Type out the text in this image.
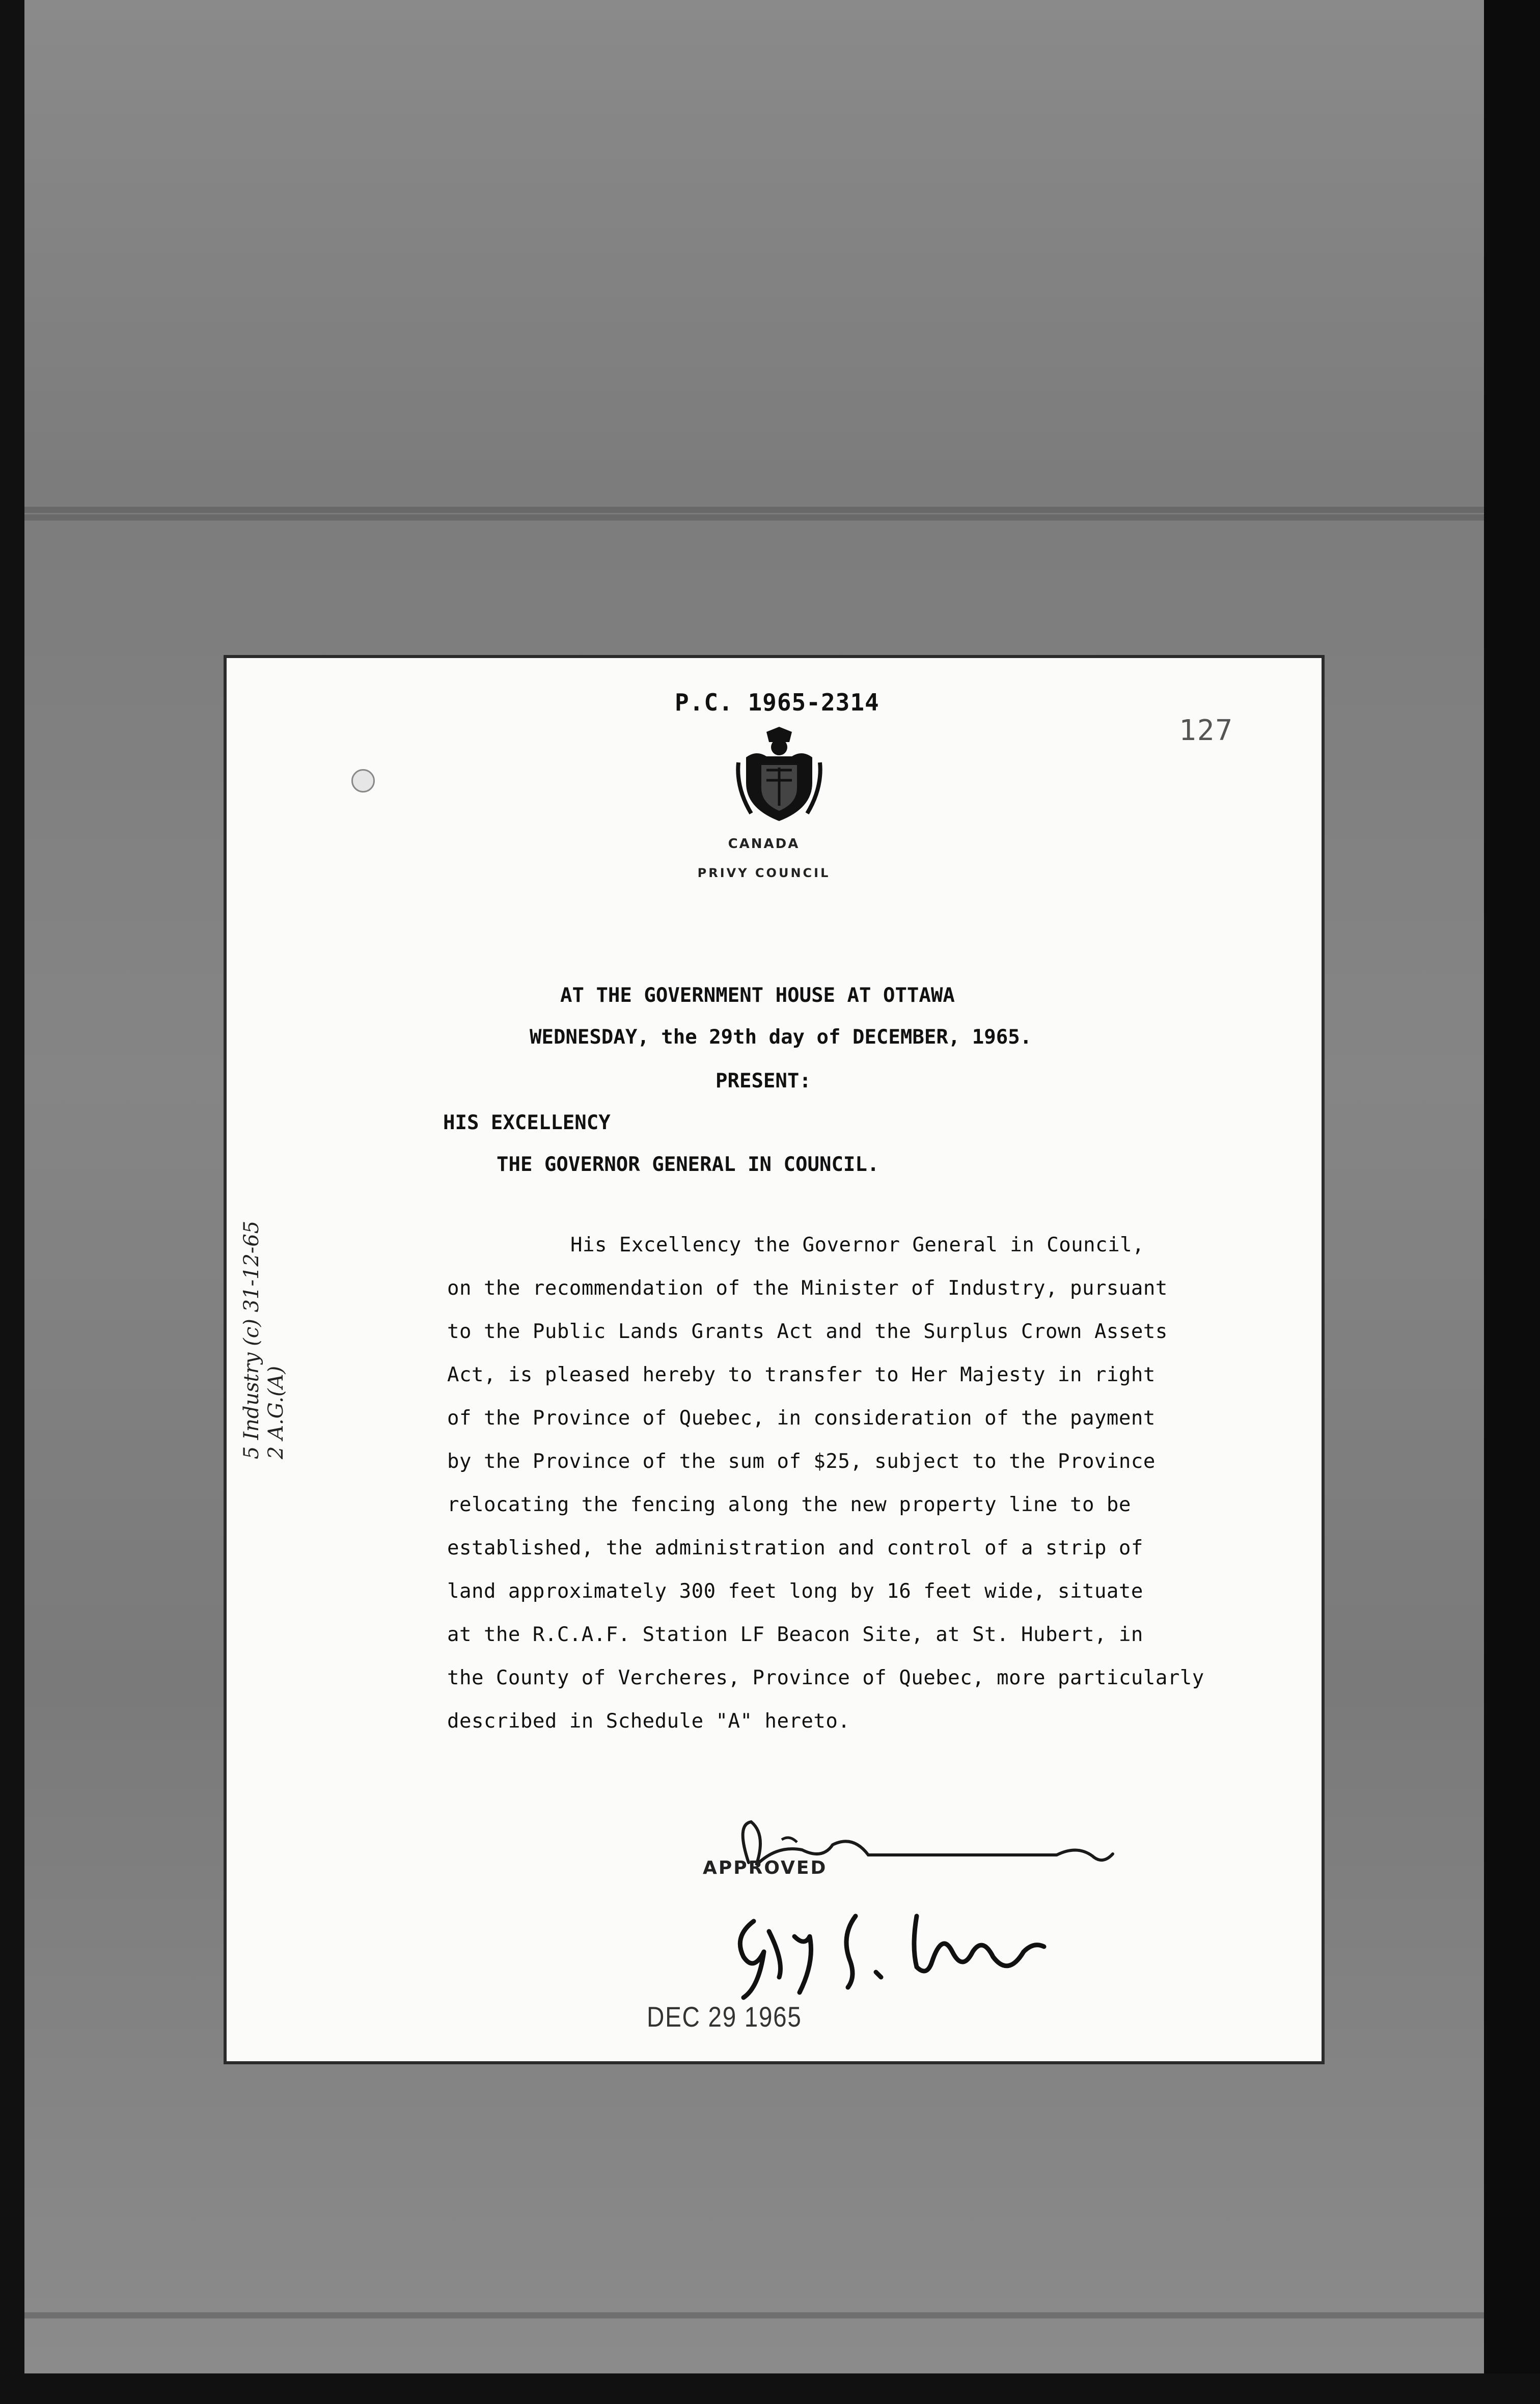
P.C. 1965-2314
127
CANADA
PRIVY COUNCIL
AT THE GOVERNMENT HOUSE AT OTTAWA
WEDNESDAY, the 29th day of DECEMBER, 1965.
PRESENT:
HIS EXCELLENCY
THE GOVERNOR GENERAL IN COUNCIL.
His Excellency the Governor General in Council,
on the recommendation of the Minister of Industry, pursuant
to the Public Lands Grants Act and the Surplus Crown Assets
Act, is pleased hereby to transfer to Her Majesty in right
of the Province of Quebec, in consideration of the payment
by the Province of the sum of $25, subject to the Province
relocating the fencing along the new property line to be
established, the administration and control of a strip of
land approximately 300 feet long by 16 feet wide, situate
at the R.C.A.F. Station LF Beacon Site, at St. Hubert, in
the County of Vercheres, Province of Quebec, more particularly
described in Schedule "A" hereto.
APPROVED
DEC 29 1965
5 Industry (c) 31-12-65
2 A.G.(A)
